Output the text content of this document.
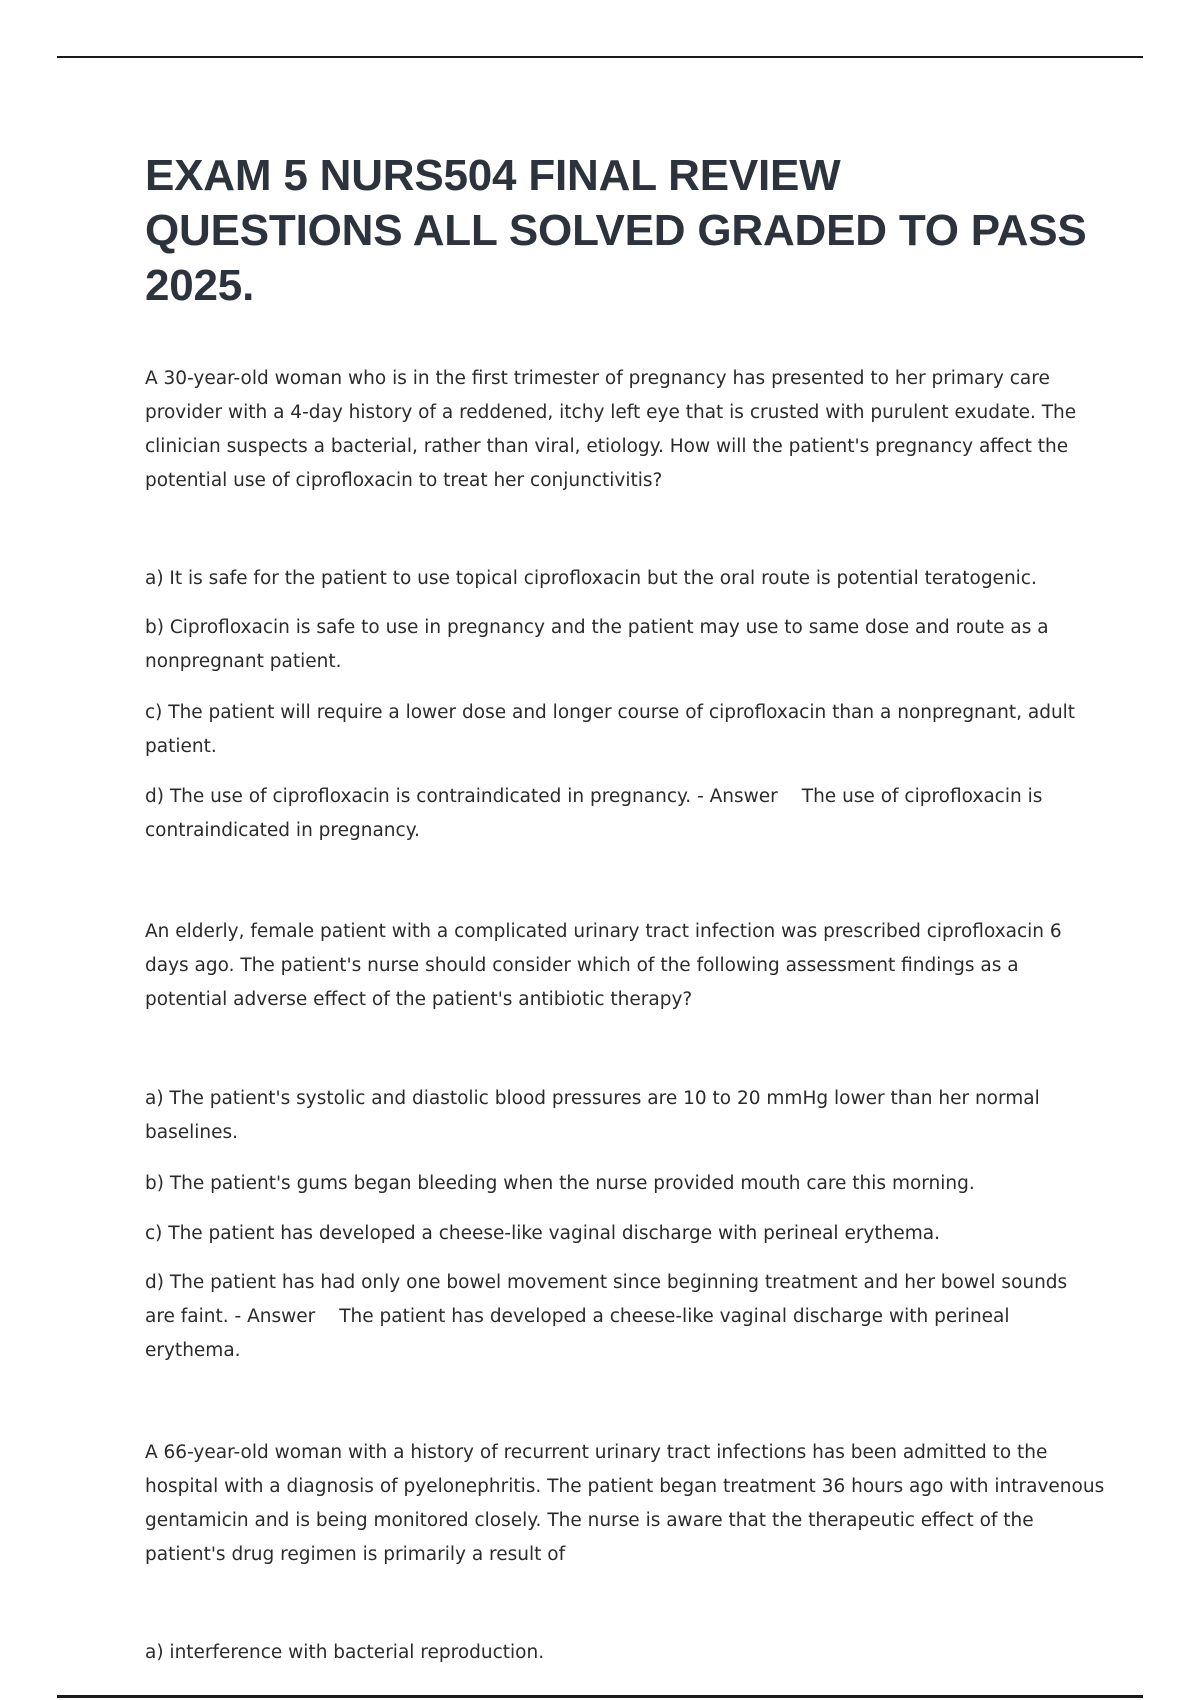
EXAM 5 NURS504 FINAL REVIEW QUESTIONS ALL SOLVED GRADED TO PASS 2025.

A 30-year-old woman who is in the first trimester of pregnancy has presented to her primary care provider with a 4-day history of a reddened, itchy left eye that is crusted with purulent exudate. The clinician suspects a bacterial, rather than viral, etiology. How will the patient's pregnancy affect the potential use of ciprofloxacin to treat her conjunctivitis?

a) It is safe for the patient to use topical ciprofloxacin but the oral route is potential teratogenic.

b) Ciprofloxacin is safe to use in pregnancy and the patient may use to same dose and route as a nonpregnant patient.

c) The patient will require a lower dose and longer course of ciprofloxacin than a nonpregnant, adult patient.

d) The use of ciprofloxacin is contraindicated in pregnancy. - Answer The use of ciprofloxacin is contraindicated in pregnancy.

An elderly, female patient with a complicated urinary tract infection was prescribed ciprofloxacin 6 days ago. The patient's nurse should consider which of the following assessment findings as a potential adverse effect of the patient's antibiotic therapy?

a) The patient's systolic and diastolic blood pressures are 10 to 20 mmHg lower than her normal baselines.

b) The patient's gums began bleeding when the nurse provided mouth care this morning.

c) The patient has developed a cheese-like vaginal discharge with perineal erythema.

d) The patient has had only one bowel movement since beginning treatment and her bowel sounds are faint. - Answer The patient has developed a cheese-like vaginal discharge with perineal erythema.

A 66-year-old woman with a history of recurrent urinary tract infections has been admitted to the hospital with a diagnosis of pyelonephritis. The patient began treatment 36 hours ago with intravenous gentamicin and is being monitored closely. The nurse is aware that the therapeutic effect of the patient's drug regimen is primarily a result of

a) interference with bacterial reproduction.
